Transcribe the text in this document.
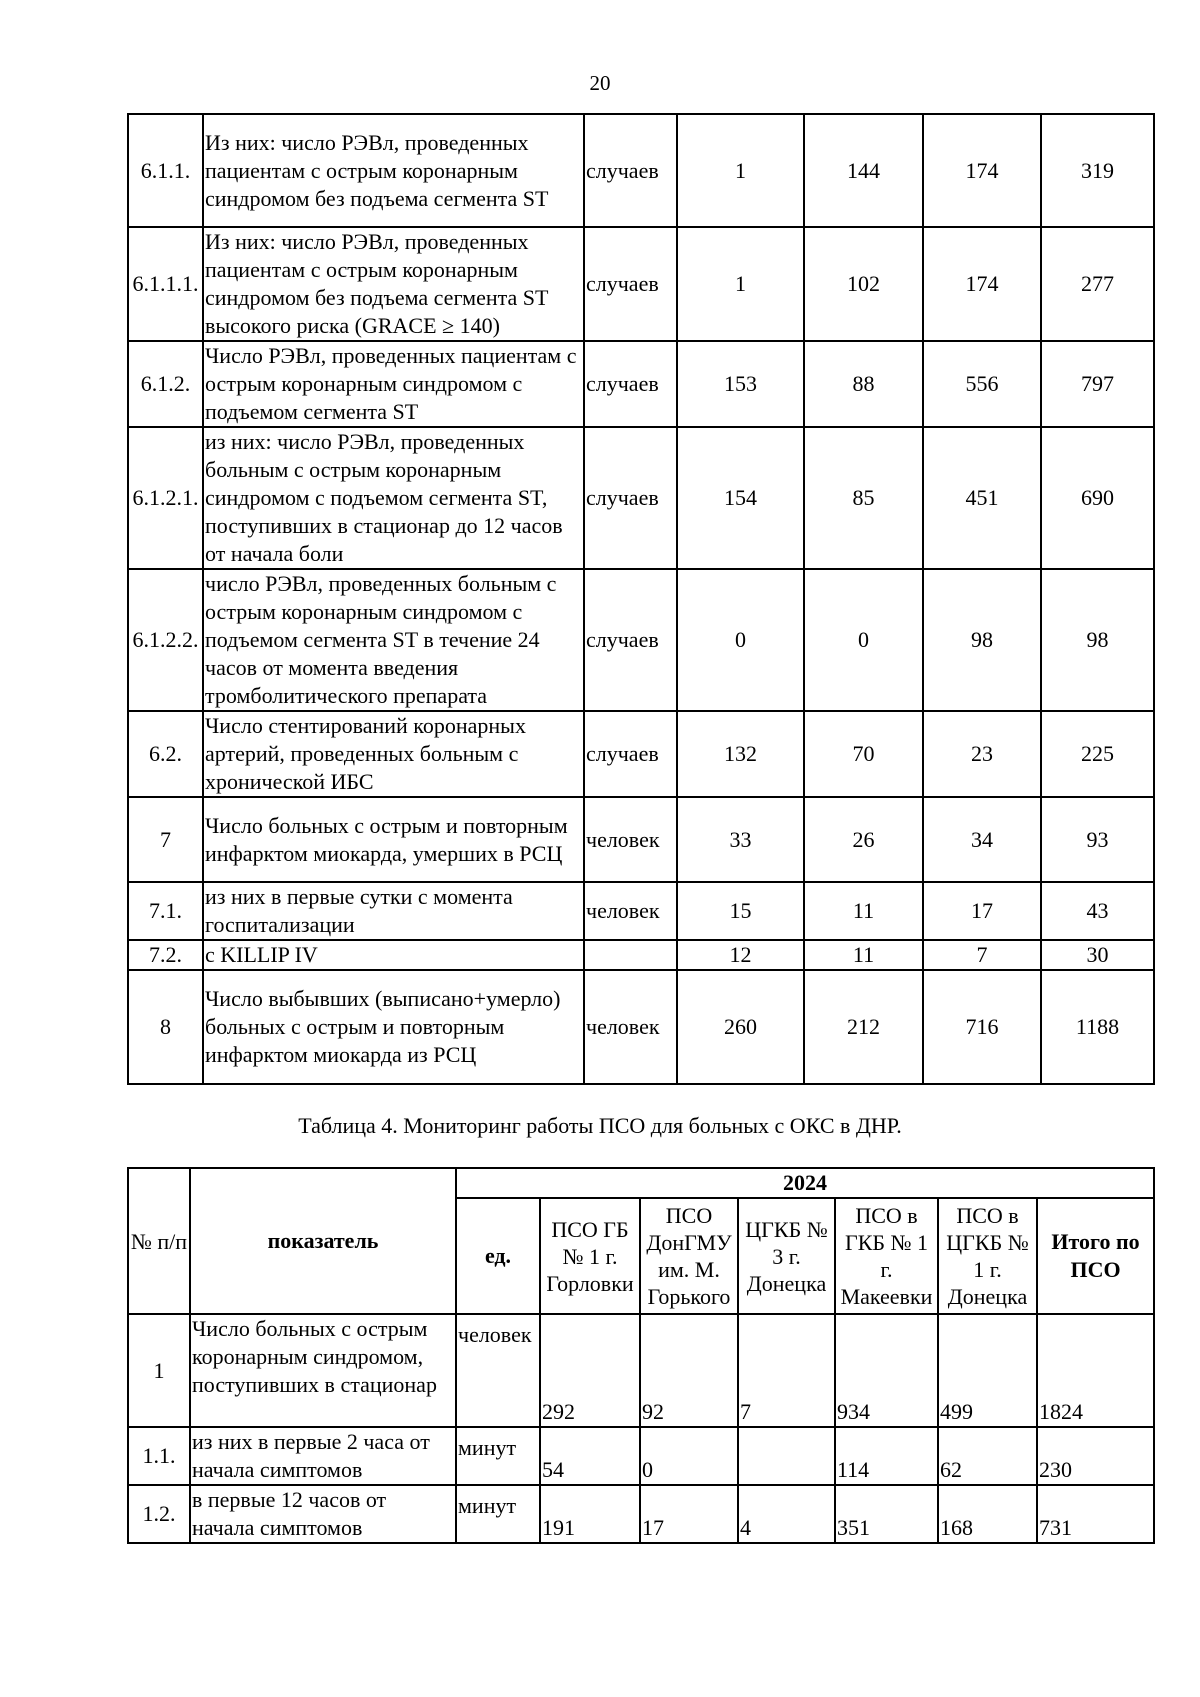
20
6.1.1.	Из них: число РЭВл, проведенных пациентам с острым коронарным синдромом без подъема сегмента ST	случаев	1	144	174	319
6.1.1.1.	Из них: число РЭВл, проведенных пациентам с острым коронарным синдромом без подъема сегмента ST высокого риска (GRACE ≥ 140)	случаев	1	102	174	277
6.1.2.	Число РЭВл, проведенных пациентам с острым коронарным синдромом с подъемом сегмента ST	случаев	153	88	556	797
6.1.2.1.	из них: число РЭВл, проведенных больным с острым коронарным синдромом с подъемом сегмента ST, поступивших в стационар до 12 часов от начала боли	случаев	154	85	451	690
6.1.2.2.	число РЭВл, проведенных больным с острым коронарным синдромом с подъемом сегмента ST в течение 24 часов от момента введения тромболитического препарата	случаев	0	0	98	98
6.2.	Число стентирований коронарных артерий, проведенных больным с хронической ИБС	случаев	132	70	23	225
7	Число больных с острым и повторным инфарктом миокарда, умерших в РСЦ	человек	33	26	34	93
7.1.	из них в первые сутки с момента госпитализации	человек	15	11	17	43
7.2.	с KILLIP IV		12	11	7	30
8	Число выбывших (выписано+умерло) больных с острым и повторным инфарктом миокарда из РСЦ	человек	260	212	716	1188
Таблица 4. Мониторинг работы ПСО для больных с ОКС в ДНР.
№ п/п	показатель	2024						
		ед.	ПСО ГБ № 1 г. Горловки	ПСО ДонГМУ им. М. Горького	ЦГКБ № 3 г. Донецка	ПСО в ГКБ № 1 г. Макеевки	ПСО в ЦГКБ № 1 г. Донецка	Итого по ПСО
1	Число больных с острым коронарным синдромом, поступивших в стационар	человек	292	92	7	934	499	1824
1.1.	из них в первые 2 часа от начала симптомов	минут	54	0		114	62	230
1.2.	в первые 12 часов от начала симптомов	минут	191	17	4	351	168	731
